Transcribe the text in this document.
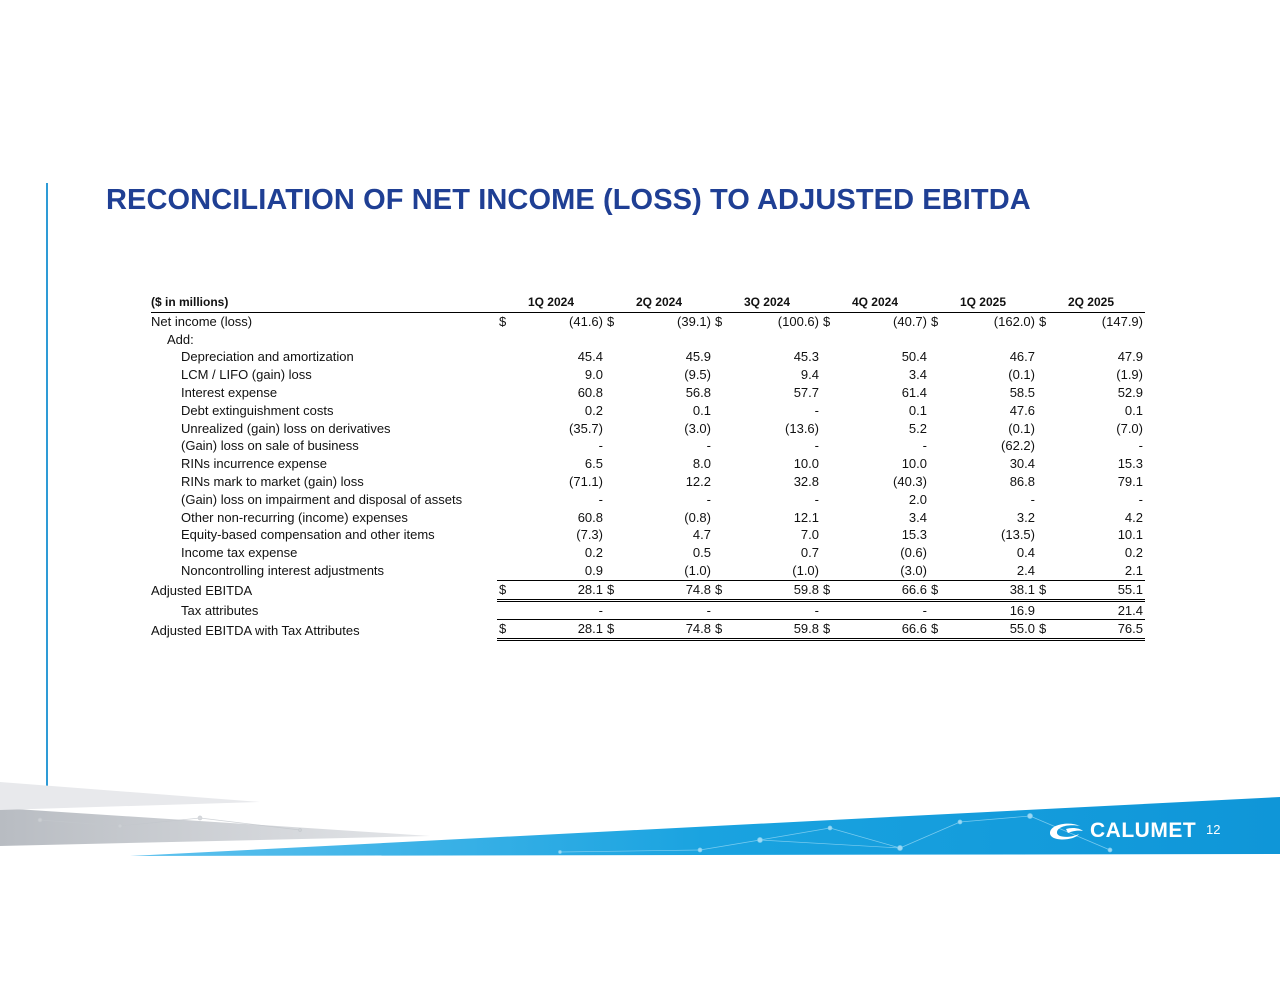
RECONCILIATION OF NET INCOME (LOSS) TO ADJUSTED EBITDA
($ in millions)	1Q 2024		2Q 2024		3Q 2024		4Q 2024		1Q 2025		2Q 2025	
Net income (loss)	$	(41.6)	$	(39.1)	$	(100.6)	$	(40.7)	$	(162.0)	$	(147.9)
Add:												
Depreciation and amortization		45.4		45.9		45.3		50.4		46.7		47.9
LCM / LIFO (gain) loss		9.0		(9.5)		9.4		3.4		(0.1)		(1.9)
Interest expense		60.8		56.8		57.7		61.4		58.5		52.9
Debt extinguishment costs		0.2		0.1		-		0.1		47.6		0.1
Unrealized (gain) loss on derivatives		(35.7)		(3.0)		(13.6)		5.2		(0.1)		(7.0)
(Gain) loss on sale of business		-		-		-		-		(62.2)		-
RINs incurrence expense		6.5		8.0		10.0		10.0		30.4		15.3
RINs mark to market (gain) loss		(71.1)		12.2		32.8		(40.3)		86.8		79.1
(Gain) loss on impairment and disposal of assets		-		-		-		2.0		-		-
Other non-recurring (income) expenses		60.8		(0.8)		12.1		3.4		3.2		4.2
Equity-based compensation and other items		(7.3)		4.7		7.0		15.3		(13.5)		10.1
Income tax expense		0.2		0.5		0.7		(0.6)		0.4		0.2
Noncontrolling interest adjustments		0.9		(1.0)		(1.0)		(3.0)		2.4		2.1
Adjusted EBITDA	$	28.1	$	74.8	$	59.8	$	66.6	$	38.1	$	55.1
Tax attributes		-		-		-		-		16.9		21.4
Adjusted EBITDA with Tax Attributes	$	28.1	$	74.8	$	59.8	$	66.6	$	55.0	$	76.5
CALUMET 12
